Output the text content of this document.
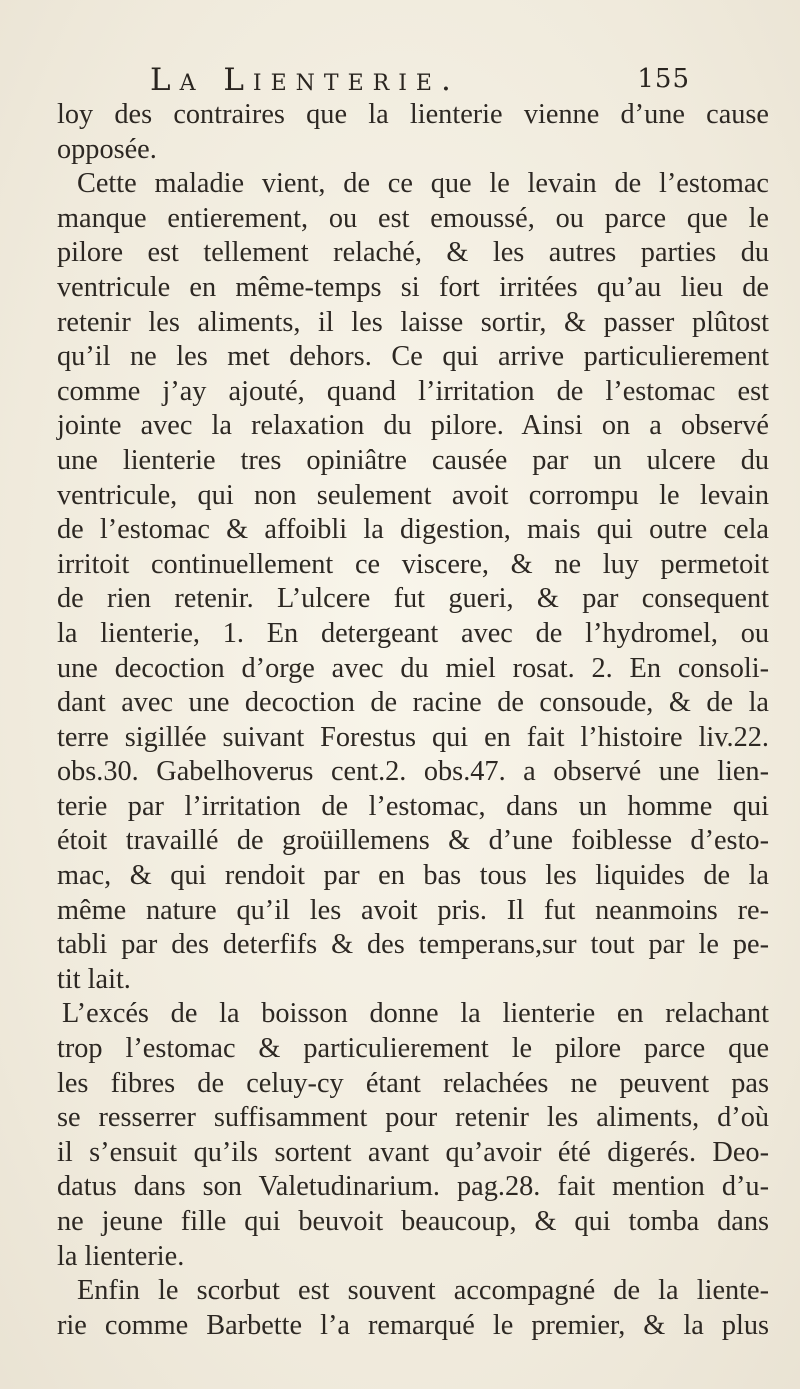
La Lienterie.	155
loy des contraires que la lienterie vienne d’une cause
opposée.
Cette maladie vient, de ce que le levain de l’estomac
manque entierement, ou est emoussé, ou parce que le
pilore est tellement relaché, & les autres parties du
ventricule en même-temps si fort irritées qu’au lieu de
retenir les aliments, il les laisse sortir, & passer plûtost
qu’il ne les met dehors. Ce qui arrive particulierement
comme j’ay ajouté, quand l’irritation de l’estomac est
jointe avec la relaxation du pilore. Ainsi on a observé
une lienterie tres opiniâtre causée par un ulcere du
ventricule, qui non seulement avoit corrompu le levain
de l’estomac & affoibli la digestion, mais qui outre cela
irritoit continuellement ce viscere, & ne luy permetoit
de rien retenir. L’ulcere fut gueri, & par consequent
la lienterie, 1. En detergeant avec de l’hydromel, ou
une decoction d’orge avec du miel rosat. 2. En consoli-
dant avec une decoction de racine de consoude, & de la
terre sigillée suivant Forestus qui en fait l’histoire liv.22.
obs.30. Gabelhoverus cent.2. obs.47. a observé une lien-
terie par l’irritation de l’estomac, dans un homme qui
étoit travaillé de groüillemens & d’une foiblesse d’esto-
mac, & qui rendoit par en bas tous les liquides de la
même nature qu’il les avoit pris. Il fut neanmoins re-
tabli par des deterfifs & des temperans,sur tout par le pe-
tit lait.
L’excés de la boisson donne la lienterie en relachant
trop l’estomac & particulierement le pilore parce que
les fibres de celuy-cy étant relachées ne peuvent pas
se resserrer suffisamment pour retenir les aliments, d’où
il s’ensuit qu’ils sortent avant qu’avoir été digerés. Deo-
datus dans son Valetudinarium. pag.28. fait mention d’u-
ne jeune fille qui beuvoit beaucoup, & qui tomba dans
la lienterie.
Enfin le scorbut est souvent accompagné de la liente-
rie comme Barbette l’a remarqué le premier, & la plus
